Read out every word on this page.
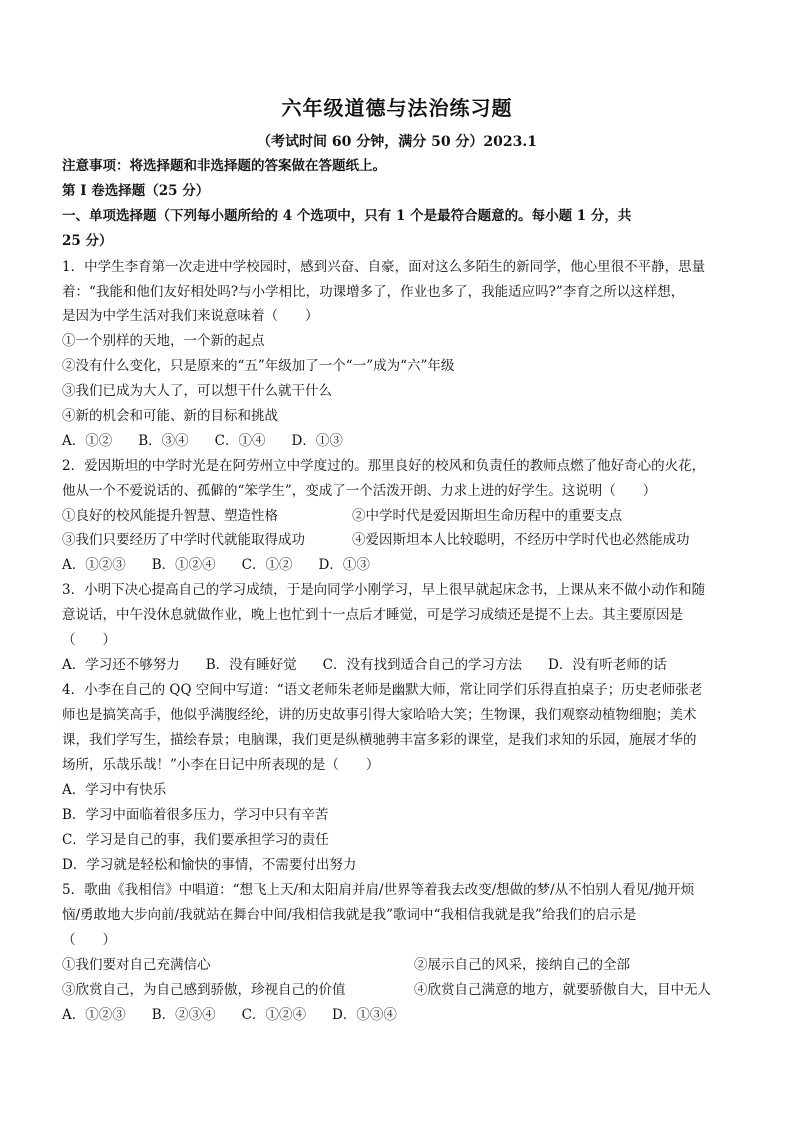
六年级道德与法治练习题
（考试时间 60 分钟，满分 50 分）2023.1
注意事项：将选择题和非选择题的答案做在答题纸上。
第 I 卷选择题（25 分）
一、单项选择题（下列每小题所给的 4 个选项中，只有 1 个是最符合题意的。每小题 1 分，共
25 分）
1．中学生李育第一次走进中学校园时，感到兴奋、自豪，面对这么多陌生的新同学，他心里很不平静，思量
着：“我能和他们友好相处吗?与小学相比，功课增多了，作业也多了，我能适应吗?”李育之所以这样想，
是因为中学生活对我们来说意味着（　　）
①一个别样的天地，一个新的起点
②没有什么变化，只是原来的“五”年级加了一个“一”成为“六”年级
③我们已成为大人了，可以想干什么就干什么
④新的机会和可能、新的目标和挑战
A．①② B．③④ C．①④ D．①③
2．爱因斯坦的中学时光是在阿劳州立中学度过的。那里良好的校风和负责任的教师点燃了他好奇心的火花，
他从一个不爱说话的、孤僻的“笨学生”，变成了一个活泼开朗、力求上进的好学生。这说明（　　）
①良好的校风能提升智慧、塑造性格	②中学时代是爱因斯坦生命历程中的重要支点
③我们只要经历了中学时代就能取得成功	④爱因斯坦本人比较聪明，不经历中学时代也必然能成功
A．①②③ B．①②④ C．①② D．①③
3．小明下决心提高自己的学习成绩，于是向同学小刚学习，早上很早就起床念书，上课从来不做小动作和随
意说话，中午没休息就做作业，晚上也忙到十一点后才睡觉，可是学习成绩还是提不上去。其主要原因是
（　　）
A．学习还不够努力 B．没有睡好觉 C．没有找到适合自己的学习方法 D．没有听老师的话
4．小李在自己的 QQ 空间中写道：“语文老师朱老师是幽默大师，常让同学们乐得直拍桌子；历史老师张老
师也是搞笑高手，他似乎满腹经纶，讲的历史故事引得大家哈哈大笑；生物课，我们观察动植物细胞；美术
课，我们学写生，描绘春景；电脑课，我们更是纵横驰骋丰富多彩的课堂，是我们求知的乐园，施展才华的
场所，乐哉乐哉！”小李在日记中所表现的是（　　）
A．学习中有快乐
B．学习中面临着很多压力，学习中只有辛苦
C．学习是自己的事，我们要承担学习的责任
D．学习就是轻松和愉快的事情，不需要付出努力
5．歌曲《我相信》中唱道：“想飞上天/和太阳肩并肩/世界等着我去改变/想做的梦/从不怕别人看见/抛开烦
恼/勇敢地大步向前/我就站在舞台中间/我相信我就是我”歌词中“我相信我就是我”给我们的启示是
（　　）
①我们要对自己充满信心	②展示自己的风采，接纳自己的全部
③欣赏自己，为自己感到骄傲，珍视自己的价值	④欣赏自己满意的地方，就要骄傲自大，目中无人
A．①②③ B．②③④ C．①②④ D．①③④
